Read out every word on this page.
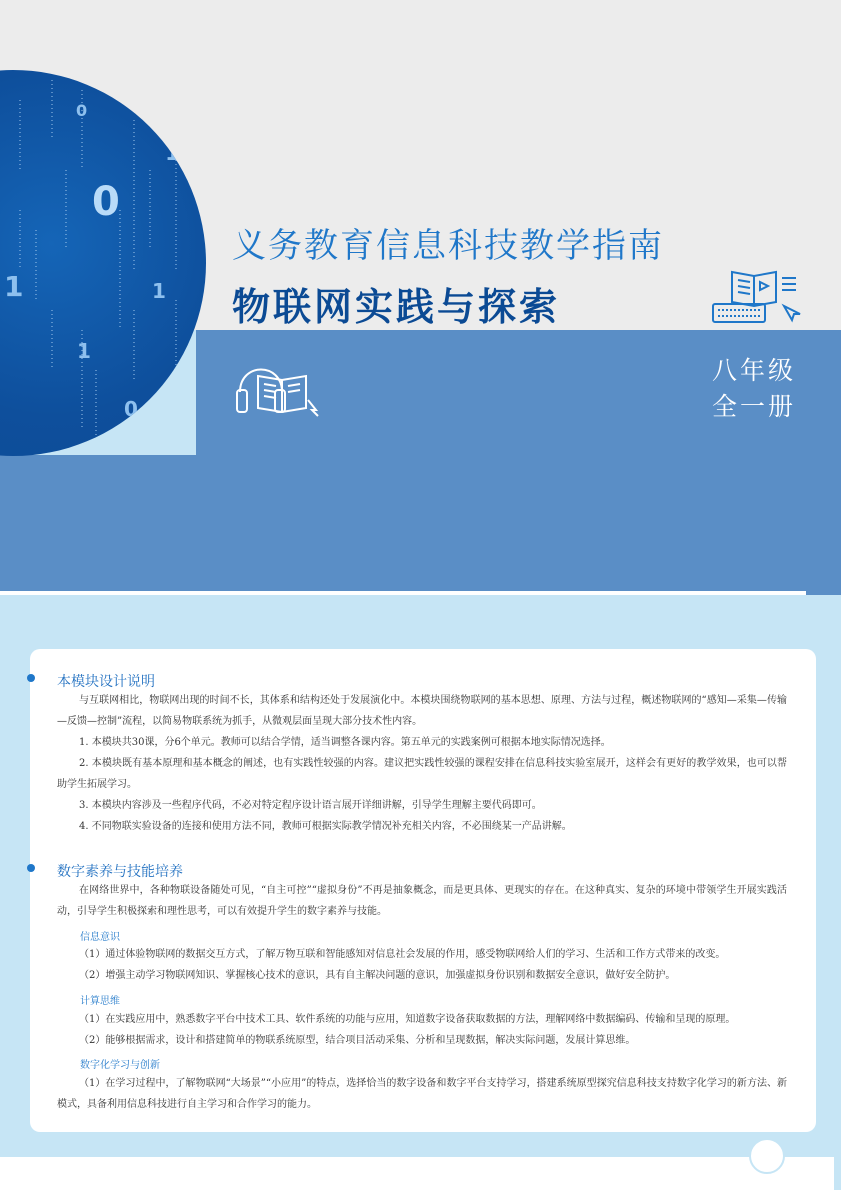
0
0
1
1	1
1
0
义务教育信息科技教学指南
物联网实践与探索
八年级
全一册
本模块设计说明
与互联网相比，物联网出现的时间不长，其体系和结构还处于发展演化中。本模块围绕物联网的基本思想、原理、方法与过程，概述物联网的“感知—采集—传输—反馈—控制”流程，以简易物联系统为抓手，从微观层面呈现大部分技术性内容。
1. 本模块共30课，分6个单元。教师可以结合学情，适当调整各课内容。第五单元的实践案例可根据本地实际情况选择。
2. 本模块既有基本原理和基本概念的阐述，也有实践性较强的内容。建议把实践性较强的课程安排在信息科技实验室展开，这样会有更好的教学效果，也可以帮助学生拓展学习。
3. 本模块内容涉及一些程序代码，不必对特定程序设计语言展开详细讲解，引导学生理解主要代码即可。
4. 不同物联实验设备的连接和使用方法不同，教师可根据实际教学情况补充相关内容，不必围绕某一产品讲解。
数字素养与技能培养
在网络世界中，各种物联设备随处可见，“自主可控”“虚拟身份”不再是抽象概念，而是更具体、更现实的存在。在这种真实、复杂的环境中带领学生开展实践活动，引导学生积极探索和理性思考，可以有效提升学生的数字素养与技能。
信息意识
（1）通过体验物联网的数据交互方式，了解万物互联和智能感知对信息社会发展的作用，感受物联网给人们的学习、生活和工作方式带来的改变。
（2）增强主动学习物联网知识、掌握核心技术的意识，具有自主解决问题的意识，加强虚拟身份识别和数据安全意识，做好安全防护。
计算思维
（1）在实践应用中，熟悉数字平台中技术工具、软件系统的功能与应用，知道数字设备获取数据的方法，理解网络中数据编码、传输和呈现的原理。
（2）能够根据需求，设计和搭建简单的物联系统原型，结合项目活动采集、分析和呈现数据，解决实际问题，发展计算思维。
数字化学习与创新
（1）在学习过程中，了解物联网“大场景”“小应用”的特点，选择恰当的数字设备和数字平台支持学习，搭建系统原型探究信息科技支持数字化学习的新方法、新模式，具备利用信息科技进行自主学习和合作学习的能力。
